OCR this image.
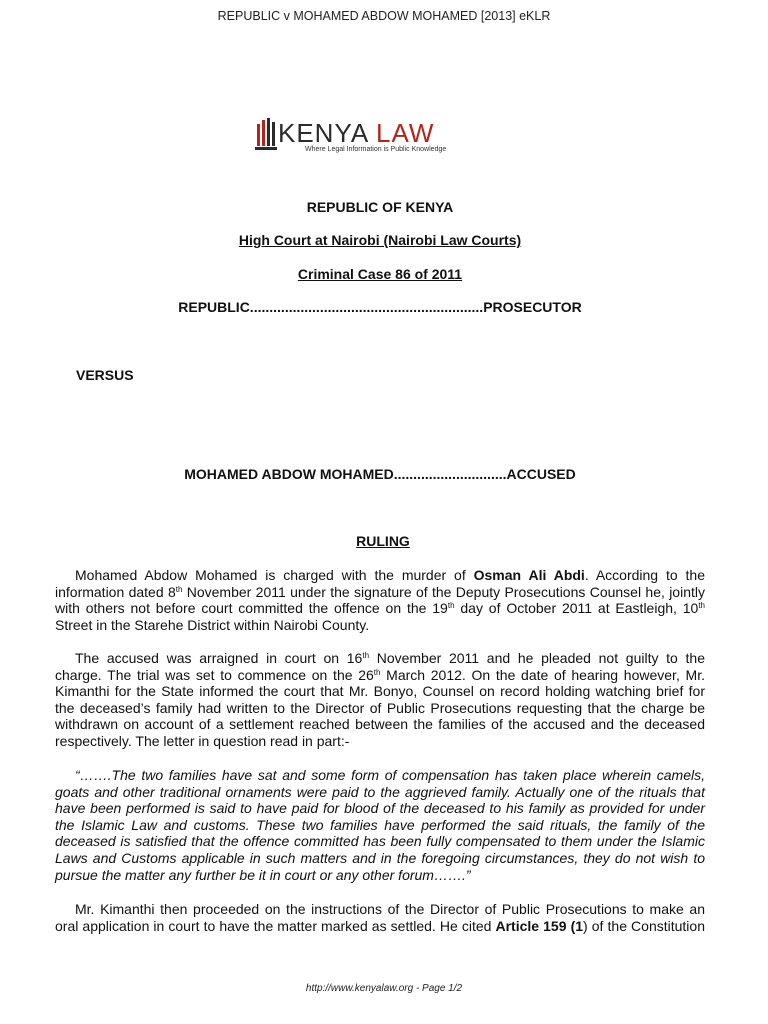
REPUBLIC v MOHAMED ABDOW MOHAMED [2013] eKLR
KENYA LAW
Where Legal Information is Public Knowledge
REPUBLIC OF KENYA
High Court at Nairobi (Nairobi Law Courts)
Criminal Case 86 of 2011
REPUBLIC............................................................PROSECUTOR
VERSUS
MOHAMED ABDOW MOHAMED.............................ACCUSED
RULING
Mohamed Abdow Mohamed is charged with the murder of Osman Ali Abdi. According to the
information dated 8th November 2011 under the signature of the Deputy Prosecutions Counsel he, jointly
with others not before court committed the offence on the 19th day of October 2011 at Eastleigh, 10th
Street in the Starehe District within Nairobi County.
The accused was arraigned in court on 16th November 2011 and he pleaded not guilty to the
charge. The trial was set to commence on the 26th March 2012. On the date of hearing however, Mr.
Kimanthi for the State informed the court that Mr. Bonyo, Counsel on record holding watching brief for
the deceased’s family had written to the Director of Public Prosecutions requesting that the charge be
withdrawn on account of a settlement reached between the families of the accused and the deceased
respectively. The letter in question read in part:-
“…….The two families have sat and some form of compensation has taken place wherein camels,
goats and other traditional ornaments were paid to the aggrieved family. Actually one of the rituals that
have been performed is said to have paid for blood of the deceased to his family as provided for under
the Islamic Law and customs. These two families have performed the said rituals, the family of the
deceased is satisfied that the offence committed has been fully compensated to them under the Islamic
Laws and Customs applicable in such matters and in the foregoing circumstances, they do not wish to
pursue the matter any further be it in court or any other forum…….”
Mr. Kimanthi then proceeded on the instructions of the Director of Public Prosecutions to make an
oral application in court to have the matter marked as settled. He cited Article 159 (1) of the Constitution
http://www.kenyalaw.org - Page 1/2
